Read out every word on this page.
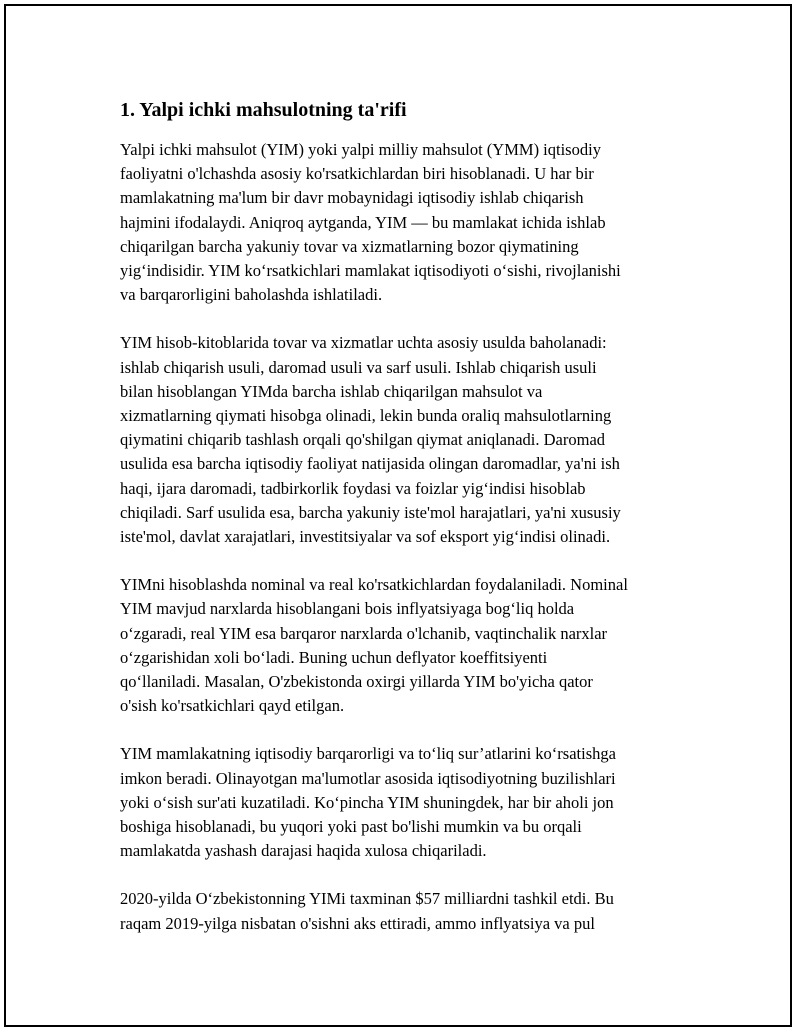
1. Yalpi ichki mahsulotning ta'rifi
Yalpi ichki mahsulot (YIM) yoki yalpi milliy mahsulot (YMM) iqtisodiy
faoliyatni o'lchashda asosiy ko'rsatkichlardan biri hisoblanadi. U har bir
mamlakatning ma'lum bir davr mobaynidagi iqtisodiy ishlab chiqarish
hajmini ifodalaydi. Aniqroq aytganda, YIM — bu mamlakat ichida ishlab
chiqarilgan barcha yakuniy tovar va xizmatlarning bozor qiymatining
yig‘indisidir. YIM ko‘rsatkichlari mamlakat iqtisodiyoti o‘sishi, rivojlanishi
va barqarorligini baholashda ishlatiladi.
YIM hisob-kitoblarida tovar va xizmatlar uchta asosiy usulda baholanadi:
ishlab chiqarish usuli, daromad usuli va sarf usuli. Ishlab chiqarish usuli
bilan hisoblangan YIMda barcha ishlab chiqarilgan mahsulot va
xizmatlarning qiymati hisobga olinadi, lekin bunda oraliq mahsulotlarning
qiymatini chiqarib tashlash orqali qo'shilgan qiymat aniqlanadi. Daromad
usulida esa barcha iqtisodiy faoliyat natijasida olingan daromadlar, ya'ni ish
haqi, ijara daromadi, tadbirkorlik foydasi va foizlar yig‘indisi hisoblab
chiqiladi. Sarf usulida esa, barcha yakuniy iste'mol harajatlari, ya'ni xususiy
iste'mol, davlat xarajatlari, investitsiyalar va sof eksport yig‘indisi olinadi.
YIMni hisoblashda nominal va real ko'rsatkichlardan foydalaniladi. Nominal
YIM mavjud narxlarda hisoblangani bois inflyatsiyaga bog‘liq holda
o‘zgaradi, real YIM esa barqaror narxlarda o'lchanib, vaqtinchalik narxlar
o‘zgarishidan xoli bo‘ladi. Buning uchun deflyator koeffitsiyenti
qo‘llaniladi. Masalan, O'zbekistonda oxirgi yillarda YIM bo'yicha qator
o'sish ko'rsatkichlari qayd etilgan.
YIM mamlakatning iqtisodiy barqarorligi va to‘liq sur’atlarini ko‘rsatishga
imkon beradi. Olinayotgan ma'lumotlar asosida iqtisodiyotning buzilishlari
yoki o‘sish sur'ati kuzatiladi. Ko‘pincha YIM shuningdek, har bir aholi jon
boshiga hisoblanadi, bu yuqori yoki past bo'lishi mumkin va bu orqali
mamlakatda yashash darajasi haqida xulosa chiqariladi.
2020-yilda O‘zbekistonning YIMi taxminan $57 milliardni tashkil etdi. Bu
raqam 2019-yilga nisbatan o'sishni aks ettiradi, ammo inflyatsiya va pul
